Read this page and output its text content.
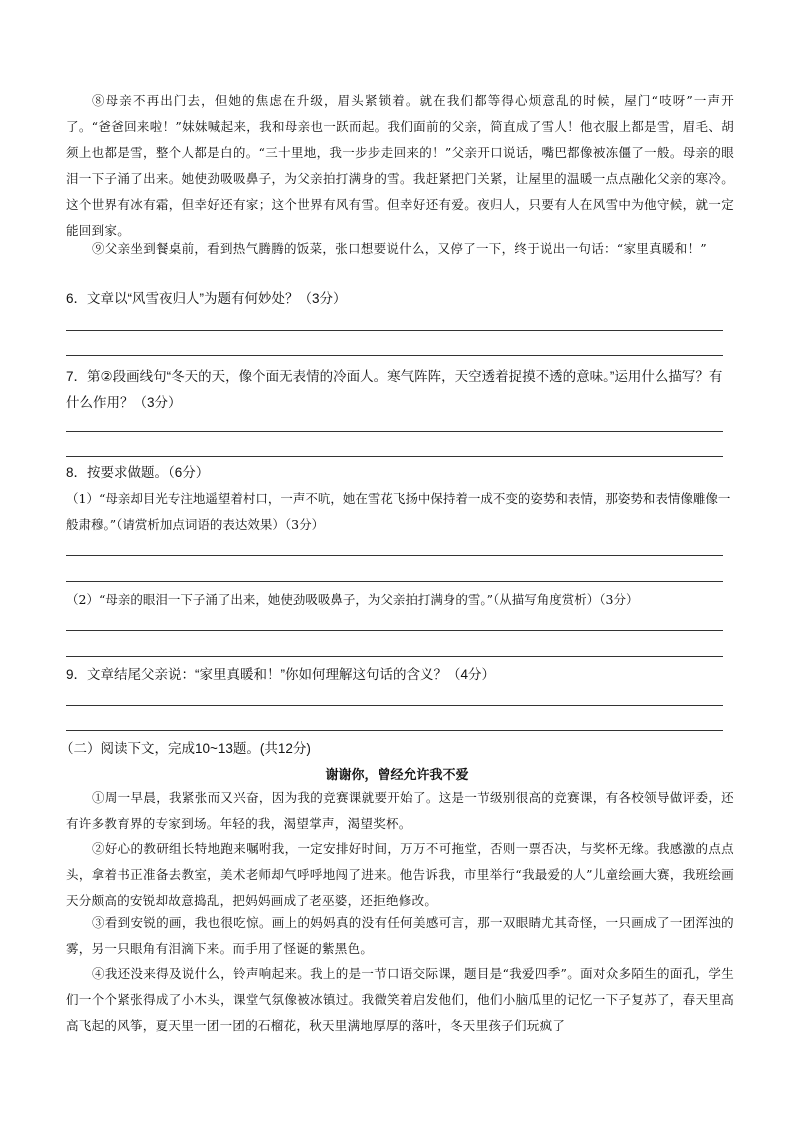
⑧母亲不再出门去，但她的焦虑在升级，眉头紧锁着。就在我们都等得心烦意乱的时候，屋门“吱呀”一声开了。“爸爸回来啦！”妹妹喊起来，我和母亲也一跃而起。我们面前的父亲，简直成了雪人！他衣服上都是雪，眉毛、胡须上也都是雪，整个人都是白的。“三十里地，我一步步走回来的！”父亲开口说话，嘴巴都像被冻僵了一般。母亲的眼泪一下子涌了出来。她使劲吸吸鼻子，为父亲拍打满身的雪。我赶紧把门关紧，让屋里的温暖一点点融化父亲的寒冷。这个世界有冰有霜，但幸好还有家；这个世界有风有雪。但幸好还有爱。夜归人，只要有人在风雪中为他守候，就一定能回到家。
⑨父亲坐到餐桌前，看到热气腾腾的饭菜，张口想要说什么，又停了一下，终于说出一句话：“家里真暖和！”
6．文章以“风雪夜归人”为题有何妙处？（3分）
7．第②段画线句“冬天的天，像个面无表情的冷面人。寒气阵阵，天空透着捉摸不透的意味。”运用什么描写？有什么作用？（3分）
8．按要求做题。（6分）
（1）“母亲却目光专注地遥望着村口，一声不吭，她在雪花飞扬中保持着一成不变的姿势和表情，那姿势和表情像雕像一般肃穆。”（请赏析加点词语的表达效果）（3分）
（2）“母亲的眼泪一下子涌了出来，她使劲吸吸鼻子，为父亲拍打满身的雪。”（从描写角度赏析）（3分）
9．文章结尾父亲说：“家里真暖和！”你如何理解这句话的含义？（4分）
（二）阅读下文，完成10~13题。(共12分)
谢谢你，曾经允许我不爱
①周一早晨，我紧张而又兴奋，因为我的竞赛课就要开始了。这是一节级别很高的竞赛课，有各校领导做评委，还有许多教育界的专家到场。年轻的我，渴望掌声，渴望奖杯。
②好心的教研组长特地跑来嘱咐我，一定安排好时间，万万不可拖堂，否则一票否决，与奖杯无缘。我感激的点点头，拿着书正准备去教室，美术老师却气呼呼地闯了进来。他告诉我，市里举行“我最爱的人”儿童绘画大赛，我班绘画天分颇高的安锐却故意捣乱，把妈妈画成了老巫婆，还拒绝修改。
③看到安锐的画，我也很吃惊。画上的妈妈真的没有任何美感可言，那一双眼睛尤其奇怪，一只画成了一团浑浊的雾，另一只眼角有泪滴下来。而手用了怪诞的紫黑色。
④我还没来得及说什么，铃声响起来。我上的是一节口语交际课，题目是“我爱四季”。面对众多陌生的面孔，学生们一个个紧张得成了小木头，课堂气氛像被冰镇过。我微笑着启发他们，他们小脑瓜里的记忆一下子复苏了，春天里高高飞起的风筝，夏天里一团一团的石榴花，秋天里满地厚厚的落叶，冬天里孩子们玩疯了
